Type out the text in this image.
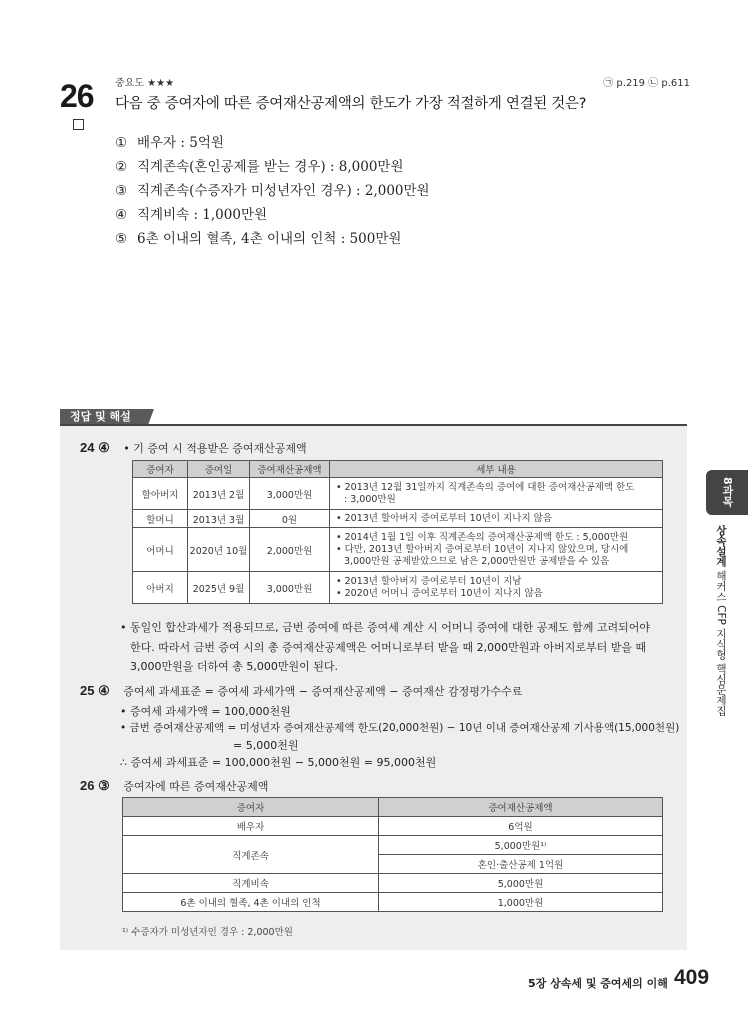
중요도 ★★★	㉠ p.219 ㉡ p.611
26 다음 중 증여자에 따른 증여재산공제액의 한도가 가장 적절하게 연결된 것은?
① 배우자 : 5억원
② 직계존속(혼인공제를 받는 경우) : 8,000만원
③ 직계존속(수증자가 미성년자인 경우) : 2,000만원
④ 직계비속 : 1,000만원
⑤ 6촌 이내의 혈족, 4촌 이내의 인척 : 500만원
정답 및 해설
24 ④ • 기 증여 시 적용받은 증여재산공제액
증여자	증여일	증여재산공제액	세부 내용
할아버지	2013년 2월	3,000만원	• 2013년 12월 31일까지 직계존속의 증여에 대한 증여재산공제액 한도
: 3,000만원

할머니	2013년 3월	0원	• 2013년 할아버지 증여로부터 10년이 지나지 않음

어머니	2020년 10월	2,000만원	• 2014년 1월 1일 이후 직계존속의 증여재산공제액 한도 : 5,000만원
• 다만, 2013년 할아버지 증여로부터 10년이 지나지 않았으며, 당시에
3,000만원 공제받았으므로 남은 2,000만원만 공제받을 수 있음

아버지	2025년 9월	3,000만원	• 2013년 할아버지 증여로부터 10년이 지남
• 2020년 어머니 증여로부터 10년이 지나지 않음
• 동일인 합산과세가 적용되므로, 금번 증여에 따른 증여세 계산 시 어머니 증여에 대한 공제도 함께 고려되어야
한다. 따라서 금번 증여 시의 총 증여재산공제액은 어머니로부터 받을 때 2,000만원과 아버지로부터 받을 때
3,000만원을 더하여 총 5,000만원이 된다.
25 ④ 증여세 과세표준 = 증여세 과세가액 − 증여재산공제액 − 증여재산 감정평가수수료
• 증여세 과세가액 = 100,000천원
• 금번 증여재산공제액 = 미성년자 증여재산공제액 한도(20,000천원) − 10년 이내 증여재산공제 기사용액(15,000천원)
= 5,000천원
∴ 증여세 과세표준 = 100,000천원 − 5,000천원 = 95,000천원
26 ③ 증여자에 따른 증여재산공제액
증여자	증여재산공제액
배우자	6억원
직계존속	5,000만원¹⁾
	혼인·출산공제 1억원
직계비속	5,000만원
6촌 이내의 혈족, 4촌 이내의 인척	1,000만원
¹⁾ 수증자가 미성년자인 경우 : 2,000만원
8과목
상속설계 해커스 CFP 지식형 핵심문제집
5장 상속세 및 증여세의 이해 409
